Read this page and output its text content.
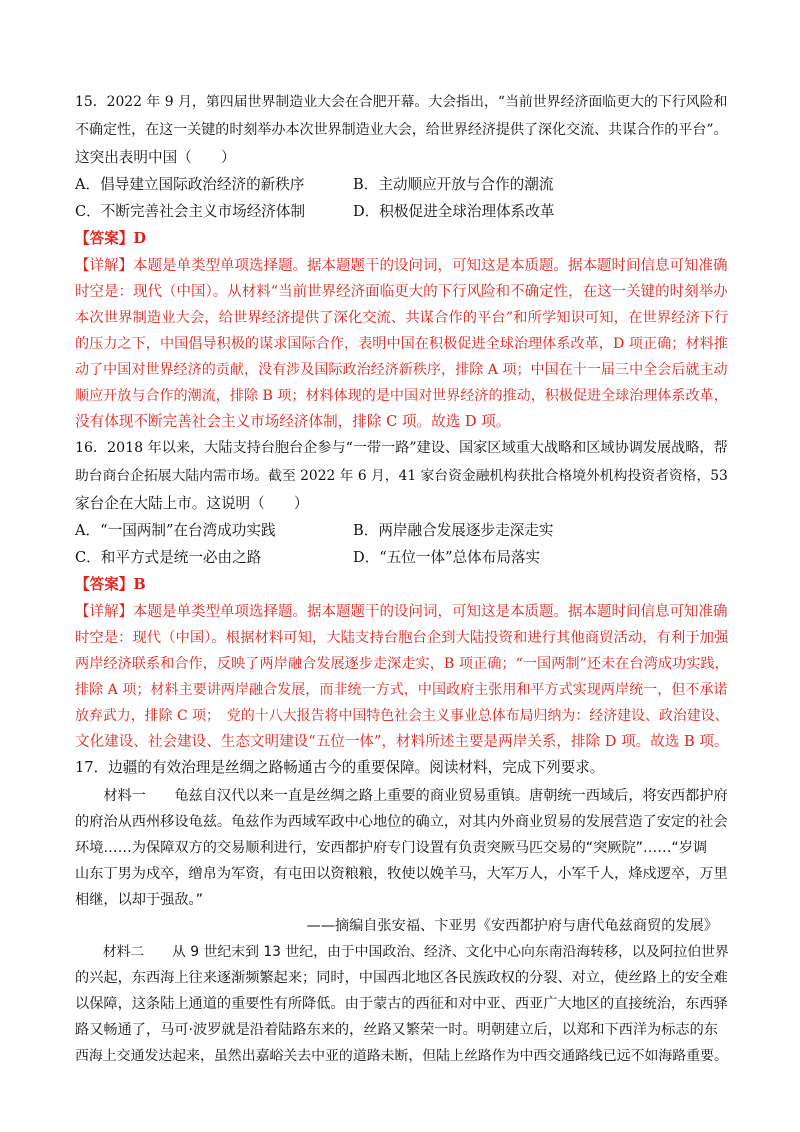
15．2022 年 9 月，第四届世界制造业大会在合肥开幕。大会指出，“当前世界经济面临更大的下行风险和
不确定性，在这一关键的时刻举办本次世界制造业大会，给世界经济提供了深化交流、共谋合作的平台”。
这突出表明中国（　　）
A．倡导建立国际政治经济的新秩序	B．主动顺应开放与合作的潮流
C．不断完善社会主义市场经济体制	D．积极促进全球治理体系改革
【答案】D
【详解】本题是单类型单项选择题。据本题题干的设问词，可知这是本质题。据本题时间信息可知准确
时空是：现代（中国）。从材料“当前世界经济面临更大的下行风险和不确定性，在这一关键的时刻举办
本次世界制造业大会，给世界经济提供了深化交流、共谋合作的平台”和所学知识可知，在世界经济下行
的压力之下，中国倡导积极的谋求国际合作，表明中国在积极促进全球治理体系改革，D 项正确；材料推
动了中国对世界经济的贡献，没有涉及国际政治经济新秩序，排除 A 项；中国在十一届三中全会后就主动
顺应开放与合作的潮流，排除 B 项；材料体现的是中国对世界经济的推动，积极促进全球治理体系改革，
没有体现不断完善社会主义市场经济体制，排除 C 项。故选 D 项。
16．2018 年以来，大陆支持台胞台企参与“一带一路”建设、国家区域重大战略和区域协调发展战略，帮
助台商台企拓展大陆内需市场。截至 2022 年 6 月，41 家台资金融机构获批合格境外机构投资者资格，53
家台企在大陆上市。这说明（　　）
A．“一国两制”在台湾成功实践	B．两岸融合发展逐步走深走实
C．和平方式是统一必由之路	D．“五位一体”总体布局落实
【答案】B
【详解】本题是单类型单项选择题。据本题题干的设问词，可知这是本质题。据本题时间信息可知准确
时空是：现代（中国）。根据材料可知，大陆支持台胞台企到大陆投资和进行其他商贸活动，有利于加强
两岸经济联系和合作，反映了两岸融合发展逐步走深走实，B 项正确；“一国两制”还未在台湾成功实践，
排除 A 项；材料主要讲两岸融合发展，而非统一方式，中国政府主张用和平方式实现两岸统一，但不承诺
放弃武力，排除 C 项；　党的十八大报告将中国特色社会主义事业总体布局归纳为：经济建设、政治建设、
文化建设、社会建设、生态文明建设“五位一体”，材料所述主要是两岸关系，排除 D 项。故选 B 项。
17．边疆的有效治理是丝绸之路畅通古今的重要保障。阅读材料，完成下列要求。
　　材料一　　龟兹自汉代以来一直是丝绸之路上重要的商业贸易重镇。唐朝统一西域后，将安西都护府
的府治从西州移设龟兹。龟兹作为西域军政中心地位的确立，对其内外商业贸易的发展营造了安定的社会
环境……为保障双方的交易顺利进行，安西都护府专门设置有负责突厥马匹交易的“突厥院”……“岁调
山东丁男为戍卒，缯帛为军资，有屯田以资粮粮，牧使以娩羊马，大军万人，小军千人，烽戍逻卒，万里
相继，以却于强敌。”
——摘编自张安福、卞亚男《安西都护府与唐代龟兹商贸的发展》
　　材料二　　从 9 世纪末到 13 世纪，由于中国政治、经济、文化中心向东南沿海转移，以及阿拉伯世界
的兴起，东西海上往来逐渐频繁起来；同时，中国西北地区各民族政权的分裂、对立，使丝路上的安全难
以保障，这条陆上通道的重要性有所降低。由于蒙古的西征和对中亚、西亚广大地区的直接统治，东西驿
路又畅通了，马可·波罗就是沿着陆路东来的，丝路又繁荣一时。明朝建立后，以郑和下西洋为标志的东
西海上交通发达起来，虽然出嘉峪关去中亚的道路未断，但陆上丝路作为中西交通路线已远不如海路重要。
